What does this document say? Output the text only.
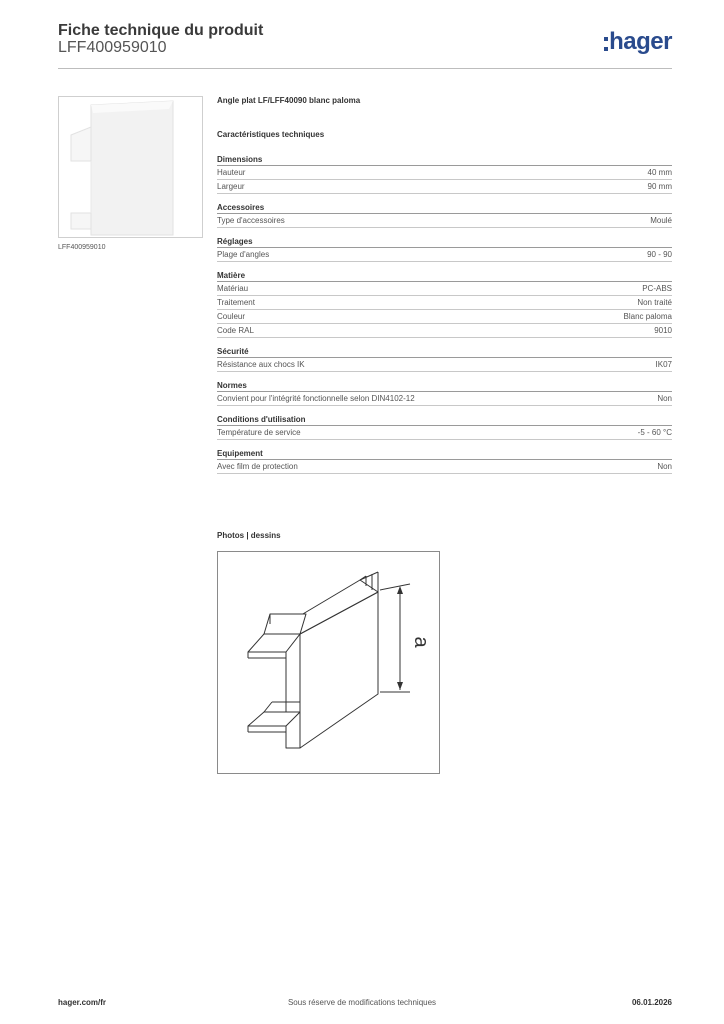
Fiche technique du produit
LFF400959010	hager
LFF400959010
Angle plat LF/LFF40090 blanc paloma
Caractéristiques techniques
Dimensions
Hauteur	40 mm
Largeur	90 mm
Accessoires
Type d'accessoires	Moulé
Réglages
Plage d'angles	90 - 90
Matière
Matériau	PC-ABS
Traitement	Non traité
Couleur	Blanc paloma
Code RAL	9010
Sécurité
Résistance aux chocs IK	IK07
Normes
Convient pour l'intégrité fonctionnelle selon DIN4102-12	Non
Conditions d'utilisation
Température de service	-5 - 60 °C
Equipement
Avec film de protection	Non
Photos | dessins
a
hager.com/fr	Sous réserve de modifications techniques	06.01.2026
